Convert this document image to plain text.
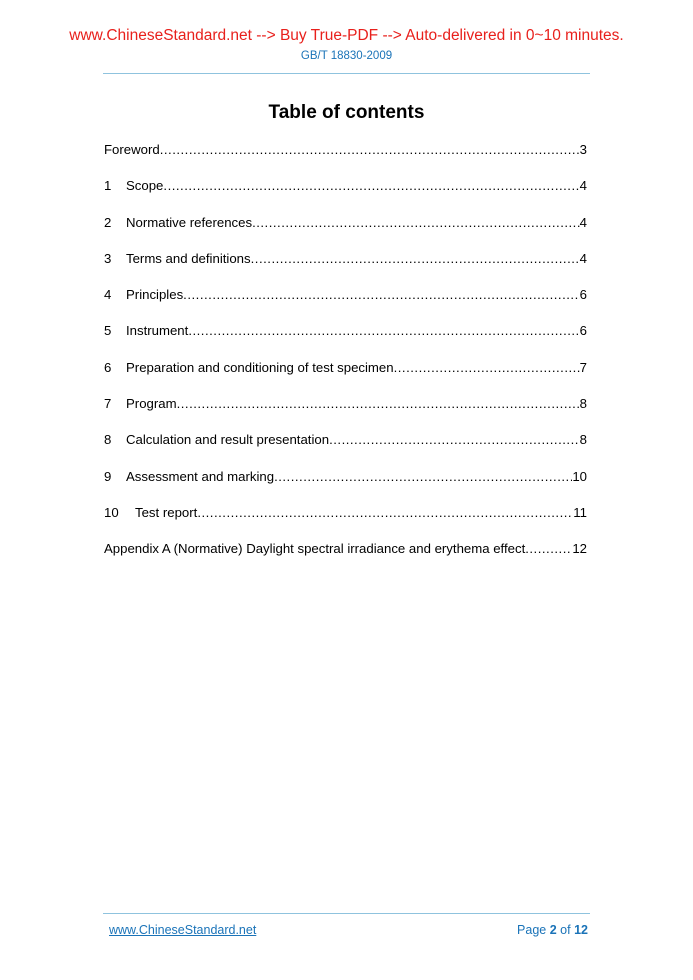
www.ChineseStandard.net --> Buy True-PDF --> Auto-delivered in 0~10 minutes.
GB/T 18830-2009
Table of contents
Foreword .....	3
1	Scope .....	4
2	Normative references .....	4
3	Terms and definitions .....	4
4	Principles .....	6
5	Instrument .....	6
6	Preparation and conditioning of test specimen .....	7
7	Program .....	8
8	Calculation and result presentation .....	8
9	Assessment and marking .....	10
10	Test report .....	11
Appendix A (Normative) Daylight spectral irradiance and erythema effect .....	12
www.ChineseStandard.net	Page 2 of 12
